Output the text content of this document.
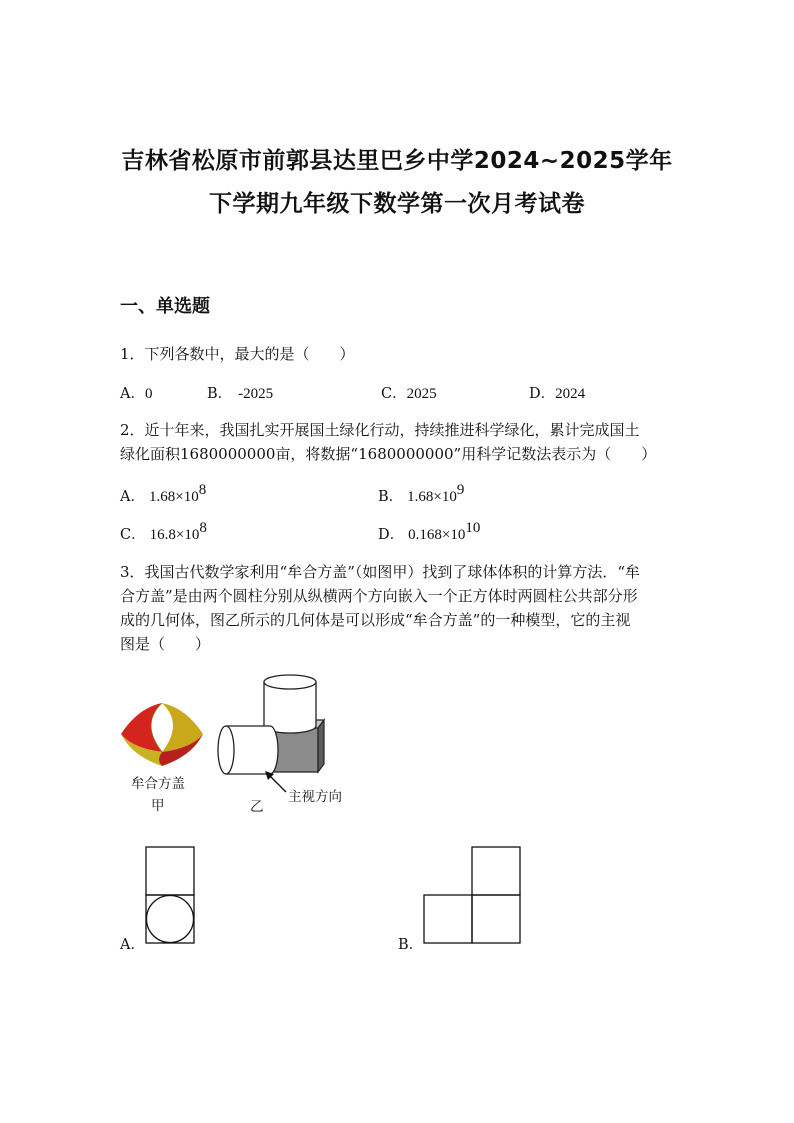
吉林省松原市前郭县达里巴乡中学2024~2025学年
下学期九年级下数学第一次月考试卷
一、单选题
1．下列各数中，最大的是（　　）
A．0	B． -2025	C．2025	D．2024
2．近十年来，我国扎实开展国土绿化行动，持续推进科学绿化，累计完成国土
绿化面积1680000000亩，将数据“1680000000”用科学记数法表示为（　　）
A． $1.68\times 10^8$	B． $1.68\times 10^9$
C． $16.8\times 10^8$	D． $0.168\times 10^{10}$
3．我国古代数学家利用“牟合方盖”（如图甲）找到了球体体积的计算方法．“牟
合方盖”是由两个圆柱分别从纵横两个方向嵌入一个正方体时两圆柱公共部分形
成的几何体，图乙所示的几何体是可以形成“牟合方盖”的一种模型，它的主视
图是（　　）
牟合方盖
甲	乙
主视方向
A．	B．
